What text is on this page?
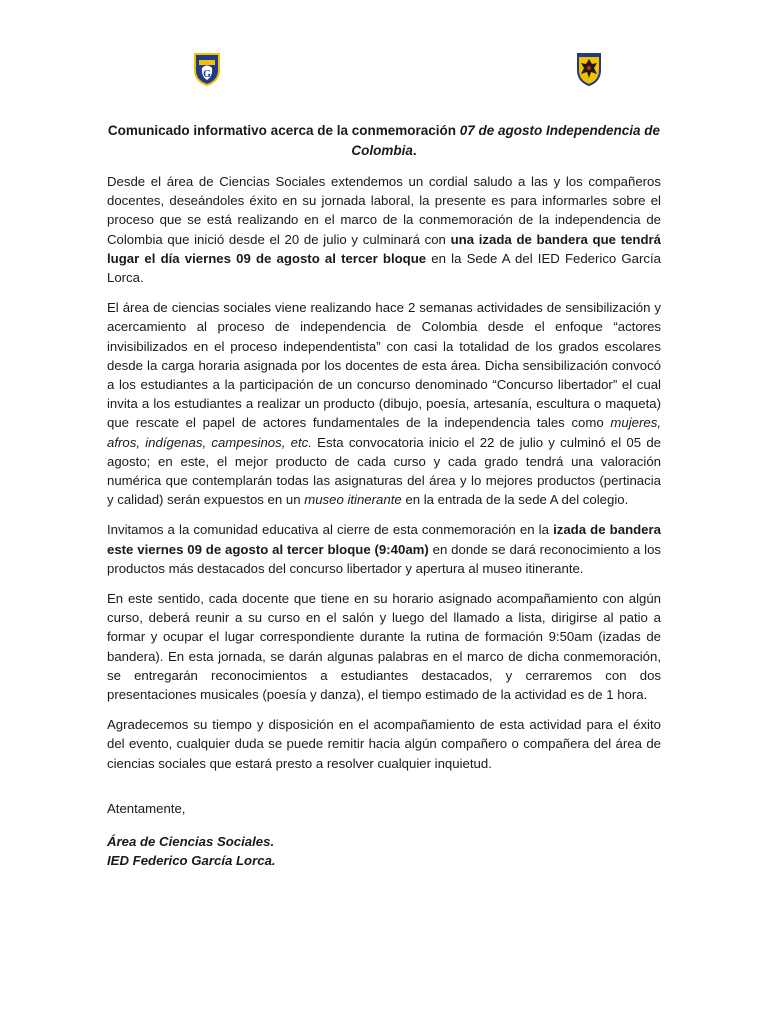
G
Comunicado informativo acerca de la conmemoración 07 de agosto Independencia de Colombia.

Desde el área de Ciencias Sociales extendemos un cordial saludo a las y los compañeros docentes, deseándoles éxito en su jornada laboral, la presente es para informarles sobre el proceso que se está realizando en el marco de la conmemoración de la independencia de Colombia que inició desde el 20 de julio y culminará con una izada de bandera que tendrá lugar el día viernes 09 de agosto al tercer bloque en la Sede A del IED Federico García Lorca.

El área de ciencias sociales viene realizando hace 2 semanas actividades de sensibilización y acercamiento al proceso de independencia de Colombia desde el enfoque “actores invisibilizados en el proceso independentista” con casi la totalidad de los grados escolares desde la carga horaria asignada por los docentes de esta área. Dicha sensibilización convocó a los estudiantes a la participación de un concurso denominado “Concurso libertador” el cual invita a los estudiantes a realizar un producto (dibujo, poesía, artesanía, escultura o maqueta) que rescate el papel de actores fundamentales de la independencia tales como mujeres, afros, indígenas, campesinos, etc. Esta convocatoria inicio el 22 de julio y culminó el 05 de agosto; en este, el mejor producto de cada curso y cada grado tendrá una valoración numérica que contemplarán todas las asignaturas del área y lo mejores productos (pertinacia y calidad) serán expuestos en un museo itinerante en la entrada de la sede A del colegio.

Invitamos a la comunidad educativa al cierre de esta conmemoración en la izada de bandera este viernes 09 de agosto al tercer bloque (9:40am) en donde se dará reconocimiento a los productos más destacados del concurso libertador y apertura al museo itinerante.

En este sentido, cada docente que tiene en su horario asignado acompañamiento con algún curso, deberá reunir a su curso en el salón y luego del llamado a lista, dirigirse al patio a formar y ocupar el lugar correspondiente durante la rutina de formación 9:50am (izadas de bandera). En esta jornada, se darán algunas palabras en el marco de dicha conmemoración, se entregarán reconocimientos a estudiantes destacados, y cerraremos con dos presentaciones musicales (poesía y danza), el tiempo estimado de la actividad es de 1 hora.

Agradecemos su tiempo y disposición en el acompañamiento de esta actividad para el éxito del evento, cualquier duda se puede remitir hacia algún compañero o compañera del área de ciencias sociales que estará presto a resolver cualquier inquietud.

Atentamente,

Área de Ciencias Sociales.
IED Federico García Lorca.
